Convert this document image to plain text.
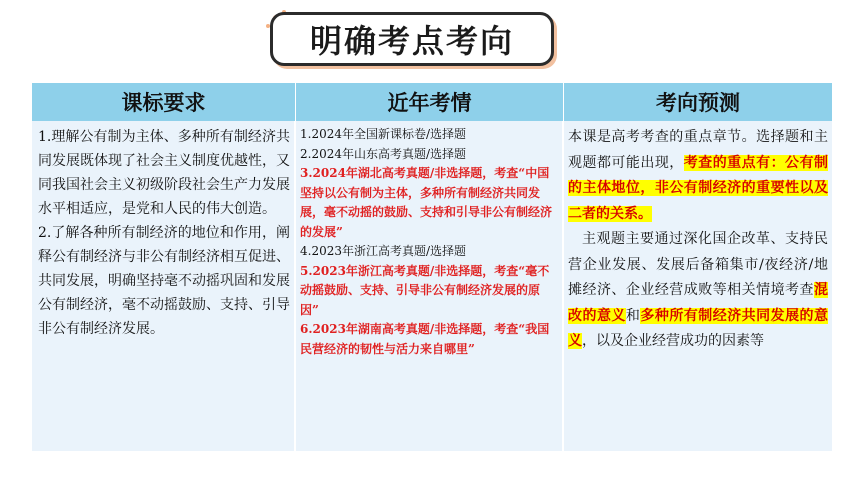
明确考点考向
课标要求	近年考情	考向预测

1.理解公有制为主体、多种所有制经济共同发展既体现了社会主义制度优越性，又同我国社会主义初级阶段社会生产力发展水平相适应，是党和人民的伟大创造。

2.了解各种所有制经济的地位和作用，阐释公有制经济与非公有制经济相互促进、共同发展，明确坚持毫不动摇巩固和发展公有制经济，毫不动摇鼓励、支持、引导非公有制经济发展。

1.2024年全国新课标卷/选择题

2.2024年山东高考真题/选择题

3.2024年湖北高考真题/非选择题，考查“中国坚持以公有制为主体，多种所有制经济共同发展，毫不动摇的鼓励、支持和引导非公有制经济的发展”

4.2023年浙江高考真题/选择题

5.2023年浙江高考真题/非选择题，考查“毫不动摇鼓励、支持、引导非公有制经济发展的原因”

6.2023年湖南高考真题/非选择题，考查“我国民营经济的韧性与活力来自哪里”

本课是高考考查的重点章节。选择题和主观题都可能出现，考查的重点有：公有制的主体地位，非公有制经济的重要性以及二者的关系。

主观题主要通过深化国企改革、支持民营企业发展、发展后备箱集市/夜经济/地摊经济、企业经营成败等相关情境考查混改的意义和多种所有制经济共同发展的意义，以及企业经营成功的因素等
